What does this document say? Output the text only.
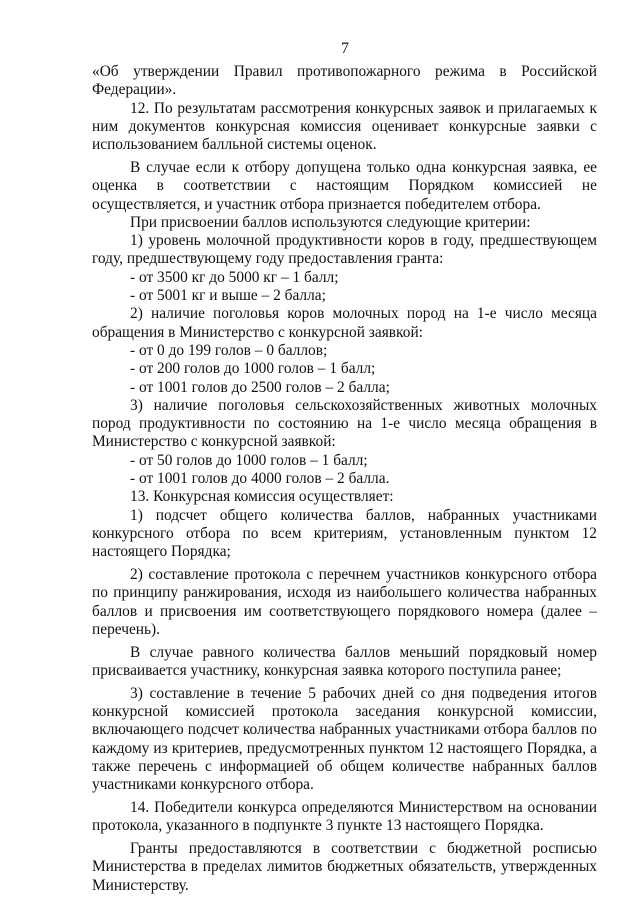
7

«Об утверждении Правил противопожарного режима в Российской Федерации».

12. По результатам рассмотрения конкурсных заявок и прилагаемых к ним документов конкурсная комиссия оценивает конкурсные заявки с использованием балльной системы оценок.

В случае если к отбору допущена только одна конкурсная заявка, ее оценка в соответствии с настоящим Порядком комиссией не осуществляется, и участник отбора признается победителем отбора.

При присвоении баллов используются следующие критерии:

1) уровень молочной продуктивности коров в году, предшествующем году, предшествующему году предоставления гранта:

- от 3500 кг до 5000 кг – 1 балл;

- от 5001 кг и выше – 2 балла;

2) наличие поголовья коров молочных пород на 1-е число месяца обращения в Министерство с конкурсной заявкой:

- от 0 до 199 голов – 0 баллов;

- от 200 голов до 1000 голов – 1 балл;

- от 1001 голов до 2500 голов – 2 балла;

3) наличие поголовья сельскохозяйственных животных молочных пород продуктивности по состоянию на 1-е число месяца обращения в Министерство с конкурсной заявкой:

- от 50 голов до 1000 голов – 1 балл;

- от 1001 голов до 4000 голов – 2 балла.

13. Конкурсная комиссия осуществляет:

1) подсчет общего количества баллов, набранных участниками конкурсного отбора по всем критериям, установленным пунктом 12 настоящего Порядка;

2) составление протокола с перечнем участников конкурсного отбора по принципу ранжирования, исходя из наибольшего количества набранных баллов и присвоения им соответствующего порядкового номера (далее – перечень).

В случае равного количества баллов меньший порядковый номер присваивается участнику, конкурсная заявка которого поступила ранее;

3) составление в течение 5 рабочих дней со дня подведения итогов конкурсной комиссией протокола заседания конкурсной комиссии, включающего подсчет количества набранных участниками отбора баллов по каждому из критериев, предусмотренных пунктом 12 настоящего Порядка, а также перечень с информацией об общем количестве набранных баллов участниками конкурсного отбора.

14. Победители конкурса определяются Министерством на основании протокола, указанного в подпункте 3 пункте 13 настоящего Порядка.

Гранты предоставляются в соответствии с бюджетной росписью Министерства в пределах лимитов бюджетных обязательств, утвержденных Министерству.
